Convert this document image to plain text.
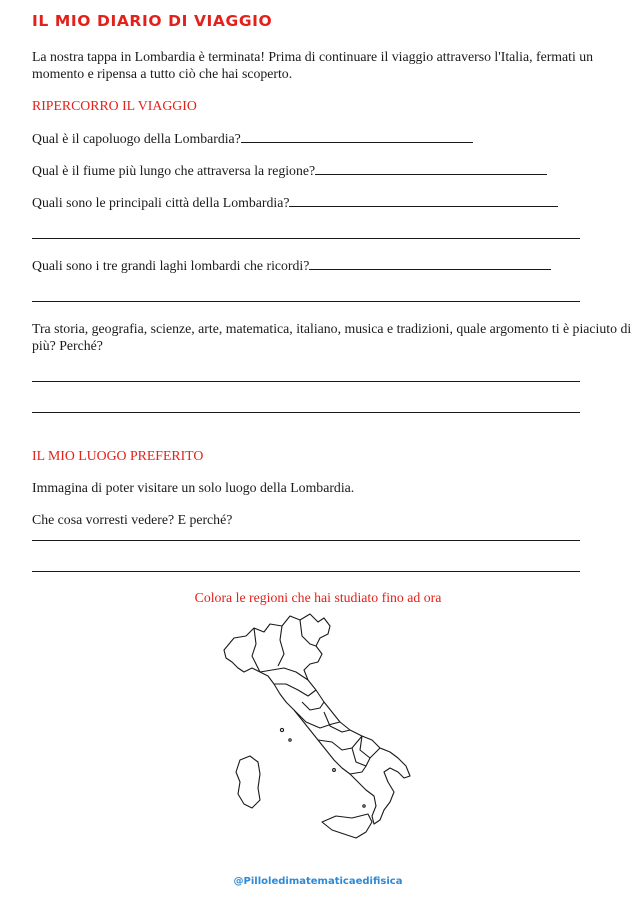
IL MIO DIARIO DI VIAGGIO
La nostra tappa in Lombardia è terminata! Prima di continuare il viaggio attraverso l'Italia, fermati un momento e ripensa a tutto ciò che hai scoperto.
RIPERCORRO IL VIAGGIO
Qual è il capoluogo della Lombardia?
Qual è il fiume più lungo che attraversa la regione?
Quali sono le principali città della Lombardia?
Quali sono i tre grandi laghi lombardi che ricordi?
Tra storia, geografia, scienze, arte, matematica, italiano, musica e tradizioni, quale argomento ti è piaciuto di più? Perché?
IL MIO LUOGO PREFERITO
Immagina di poter visitare un solo luogo della Lombardia.
Che cosa vorresti vedere? E perché?
Colora le regioni che hai studiato fino ad ora
@Pilloledimatematicaedifisica
